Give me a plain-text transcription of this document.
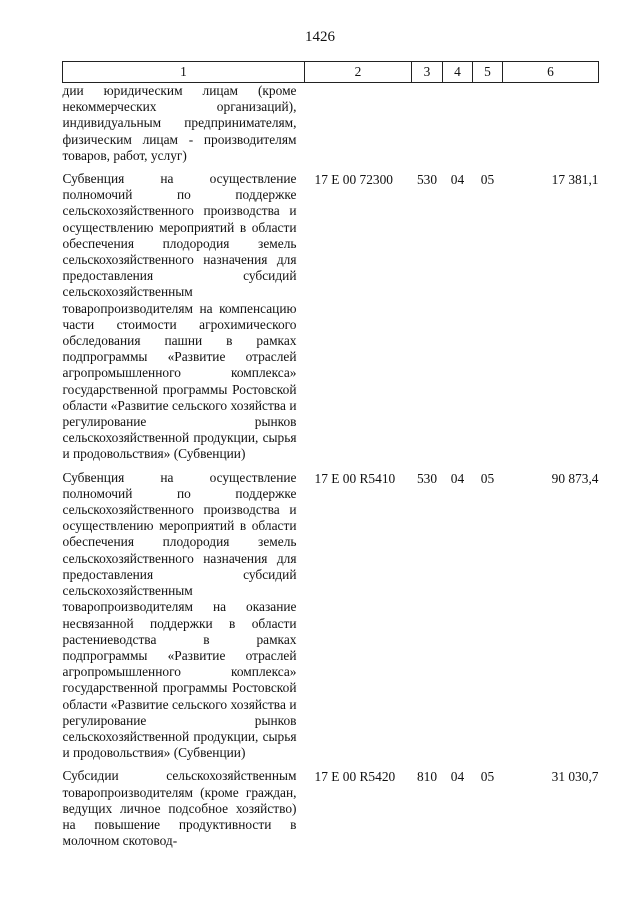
1426
1	2	3	4	5	6
дии юридическим лицам (кроме некоммерческих организаций), индивидуальным предпринимателям, физическим лицам - производителям товаров, работ, услуг)					
Субвенция на осуществление полномочий по поддержке сельскохозяйственного производства и осуществлению мероприятий в области обеспечения плодородия земель сельскохозяйственного назначения для предоставления субсидий сельскохозяйственным товаропроизводителям на компенсацию части стоимости агрохимического обследования пашни в рамках подпрограммы «Развитие отраслей агропромышленного комплекса» государственной программы Ростовской области «Развитие сельского хозяйства и регулирование рынков сельскохозяйственной продукции, сырья и продовольствия» (Субвенции)	17 Е 00 72300	530	04	05	17 381,1
Субвенция на осуществление полномочий по поддержке сельскохозяйственного производства и осуществлению мероприятий в области обеспечения плодородия земель сельскохозяйственного назначения для предоставления субсидий сельскохозяйственным товаропроизводителям на оказание несвязанной поддержки в области растениеводства в рамках подпрограммы «Развитие отраслей агропромышленного комплекса» государственной программы Ростовской области «Развитие сельского хозяйства и регулирование рынков сельскохозяйственной продукции, сырья и продовольствия» (Субвенции)	17 Е 00 R5410	530	04	05	90 873,4
Субсидии сельскохозяйственным товаропроизводителям (кроме граждан, ведущих личное подсобное хозяйство) на повышение продуктивности в молочном скотовод-	17 Е 00 R5420	810	04	05	31 030,7
